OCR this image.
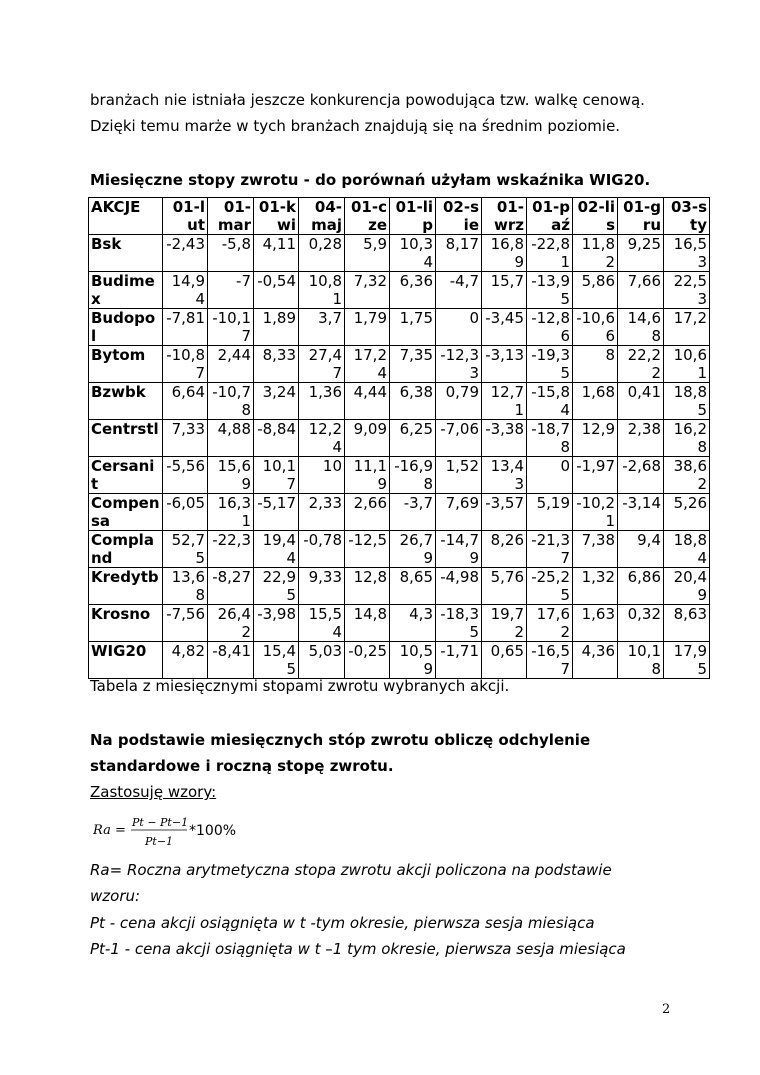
branżach nie istniała jeszcze konkurencja powodująca tzw. walkę cenową.
Dzięki temu marże w tych branżach znajdują się na średnim poziomie.
Miesięczne stopy zwrotu - do porównań użyłam wskaźnika WIG20.
AKCJE	01-lut	01-mar	01-kwi	04-maj	01-cze	01-lip	02-sie	01-wrz	01-paź	02-lis	01-gru	03-sty
Bsk	-2,43	-5,8	4,11	0,28	5,9	10,34	8,17	16,89	-22,81	11,82	9,25	16,53
Budimex	14,94	-7	-0,54	10,81	7,32	6,36	-4,7	15,7	-13,95	5,86	7,66	22,53
Budopol	-7,81	-10,17	1,89	3,7	1,79	1,75	0	-3,45	-12,86	-10,66	14,68	17,2
Bytom	-10,87	2,44	8,33	27,47	17,24	7,35	-12,33	-3,13	-19,35	8	22,22	10,61
Bzwbk	6,64	-10,78	3,24	1,36	4,44	6,38	0,79	12,71	-15,84	1,68	0,41	18,85
Centrstl	7,33	4,88	-8,84	12,24	9,09	6,25	-7,06	-3,38	-18,78	12,9	2,38	16,28
Cersanit	-5,56	15,69	10,17	10	11,19	-16,98	1,52	13,43	0	-1,97	-2,68	38,62
Compensa	-6,05	16,31	-5,17	2,33	2,66	-3,7	7,69	-3,57	5,19	-10,21	-3,14	5,26
Compland	52,75	-22,3	19,44	-0,78	-12,5	26,79	-14,79	8,26	-21,37	7,38	9,4	18,84
Kredytb	13,68	-8,27	22,95	9,33	12,8	8,65	-4,98	5,76	-25,25	1,32	6,86	20,49
Krosno	-7,56	26,42	-3,98	15,54	14,8	4,3	-18,35	19,72	17,62	1,63	0,32	8,63
WIG20	4,82	-8,41	15,45	5,03	-0,25	10,59	-1,71	0,65	-16,57	4,36	10,18	17,95
Tabela z miesięcznymi stopami zwrotu wybranych akcji.
Na podstawie miesięcznych stóp zwrotu obliczę odchylenie
standardowe i roczną stopę zwrotu.
Zastosuję wzory:
Ra =
Pt − Pt−1
Pt−1
*100%
Ra= Roczna arytmetyczna stopa zwrotu akcji policzona na podstawie
wzoru:
Pt - cena akcji osiągnięta w t -tym okresie, pierwsza sesja miesiąca
Pt-1 - cena akcji osiągnięta w t –1 tym okresie, pierwsza sesja miesiąca
2
